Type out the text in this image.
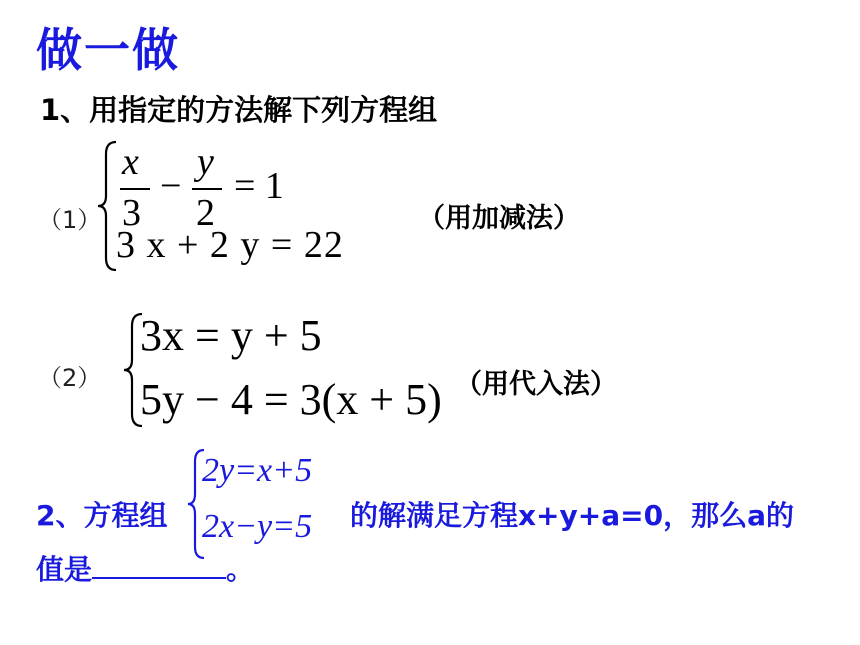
做一做
1、用指定的方法解下列方程组
（1）
x
3
−
y
2
= 1
3 x + 2 y = 22
（用加减法）
（2）
3x = y + 5
5y − 4 = 3(x + 5) （用代入法）
2、方程组
2y=x+5
2x−y=5 的解满足方程x+y+a=0，那么a的
值是	。
